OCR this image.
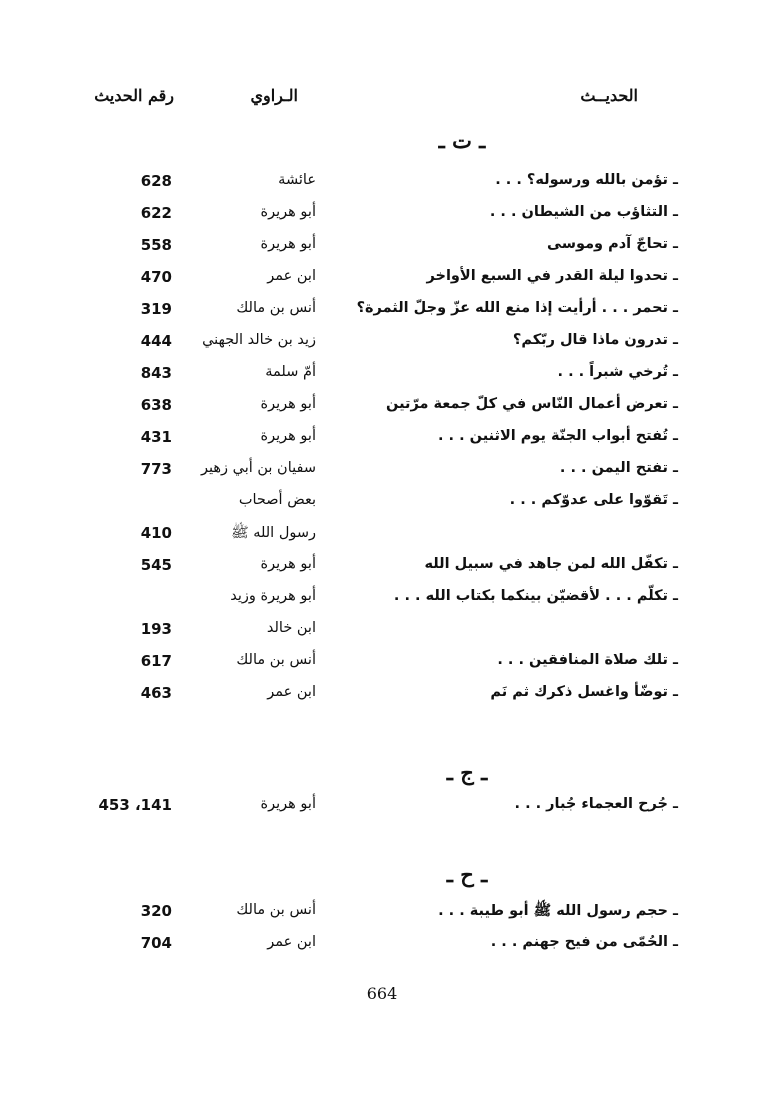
الحديــث
الـراوي
رقم الحديث
ـ ت ـ
ـ تؤمن بالله ورسوله؟ . . .
عائشة
628
ـ التثاؤب من الشيطان . . .
أبو هريرة
622
ـ تحاجّ آدم وموسى
أبو هريرة
558
ـ تحدوا ليلة القدر في السبع الأواخر
ابن عمر
470
ـ تحمر . . . أرأيت إذا منع الله عزّ وجلّ الثمرة؟
أنس بن مالك
319
ـ تدرون ماذا قال ربّكم؟
زيد بن خالد الجهني
444
ـ تُرخي شبراً . . .
أمّ سلمة
843
ـ تعرض أعمال النّاس في كلّ جمعة مرّتين
أبو هريرة
638
ـ تُفتح أبواب الجنّة يوم الاثنين . . .
أبو هريرة
431
ـ تفتح اليمن . . .
سفيان بن أبي زهير
773
ـ تَقوّوا على عدوّكم . . .
بعض أصحاب
رسول الله ﷺ
410
ـ تكفّل الله لمن جاهد في سبيل الله
أبو هريرة
545
ـ تكلّم . . . لأقضيّن بينكما بكتاب الله . . .
أبو هريرة وزيد
ابن خالد
193
ـ تلك صلاة المنافقين . . .
أنس بن مالك
617
ـ توضّأ واغسل ذكرك ثم نَم
ابن عمر
463
ـ ج ـ
ـ جُرح العجماء جُبار . . .
أبو هريرة
453 ،141
ـ ح ـ
ـ حجم رسول الله ﷺ أبو طيبة . . .
أنس بن مالك
320
ـ الحُمّى من فيح جهنم . . .
ابن عمر
704
664
